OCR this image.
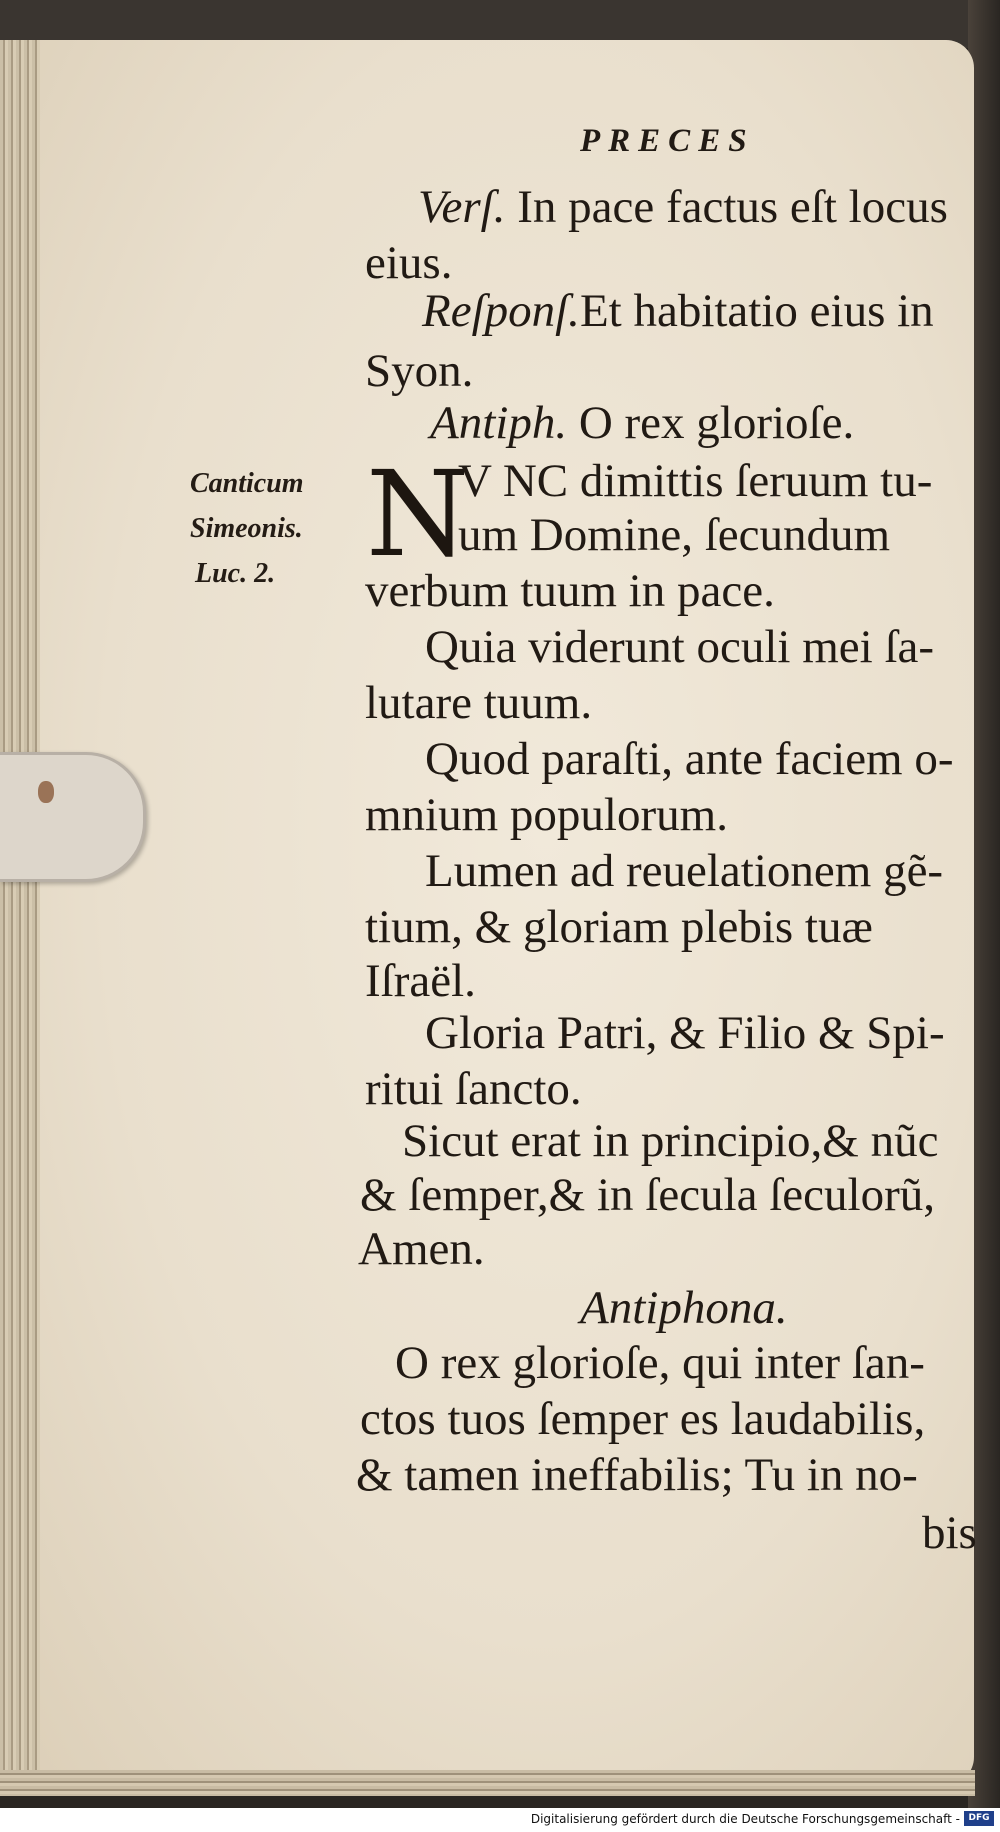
PRECES
Canticum
Simeonis.
Luc. 2. N
Verſ. In pace factus eſt locus
eius.
Reſponſ.Et habitatio eius in
Syon.
Antiph. O rex glorioſe.
V NC dimittis ſeruum tu-
um Domine, ſecundum
verbum tuum in pace.
Quia viderunt oculi mei ſa-
lutare tuum.
Quod paraſti, ante faciem o-
mnium populorum.
Lumen ad reuelationem gẽ-
tium, & gloriam plebis tuæ
Iſraël.
Gloria Patri, & Filio & Spi-
ritui ſancto.
Sicut erat in principio,& nũc
& ſemper,& in ſecula ſeculorũ,
Amen.
Antiphona.
O rex glorioſe, qui inter ſan-
ctos tuos ſemper es laudabilis,
& tamen ineffabilis; Tu in no-
bis
Digitalisierung gefördert durch die Deutsche Forschungsgemeinschaft - DFG
